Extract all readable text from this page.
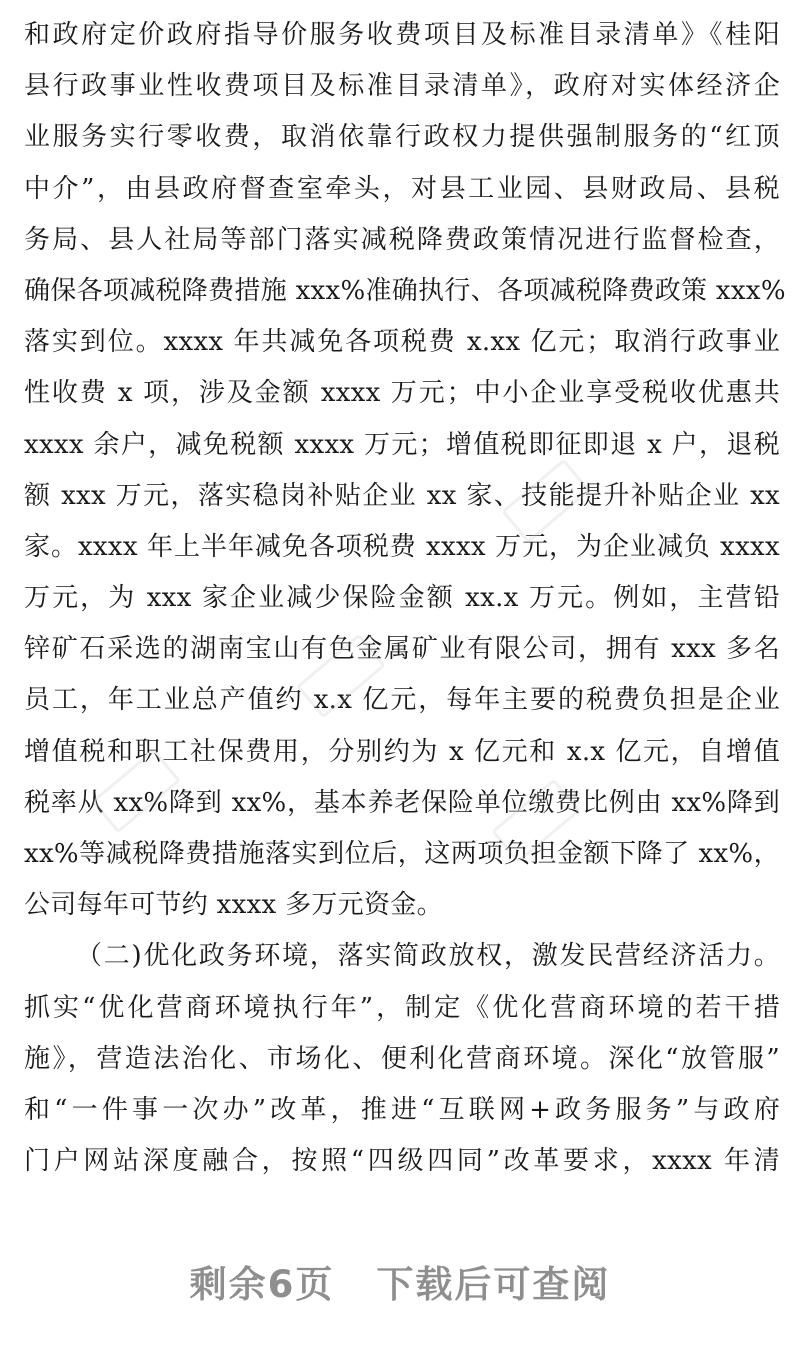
和政府定价政府指导价服务收费项目及标准目录清单》《桂阳
县行政事业性收费项目及标准目录清单》，政府对实体经济企
业服务实行零收费，取消依靠行政权力提供强制服务的“红顶
中介”，由县政府督查室牵头，对县工业园、县财政局、县税
务局、县人社局等部门落实减税降费政策情况进行监督检查，
确保各项减税降费措施 xxx%准确执行、各项减税降费政策 xxx%
落实到位。xxxx 年共减免各项税费 x.xx 亿元；取消行政事业
性收费 x 项，涉及金额 xxxx 万元；中小企业享受税收优惠共
xxxx 余户，减免税额 xxxx 万元；增值税即征即退 x 户，退税
额 xxx 万元，落实稳岗补贴企业 xx 家、技能提升补贴企业 xx
家。xxxx 年上半年减免各项税费 xxxx 万元，为企业减负 xxxx
万元，为 xxx 家企业减少保险金额 xx.x 万元。例如，主营铅
锌矿石采选的湖南宝山有色金属矿业有限公司，拥有 xxx 多名
员工，年工业总产值约 x.x 亿元，每年主要的税费负担是企业
增值税和职工社保费用，分别约为 x 亿元和 x.x 亿元，自增值
税率从 xx%降到 xx%，基本养老保险单位缴费比例由 xx%降到
xx%等减税降费措施落实到位后，这两项负担金额下降了 xx%，
公司每年可节约 xxxx 多万元资金。
（二)优化政务环境，落实简政放权，激发民营经济活力。
抓实“优化营商环境执行年”，制定《优化营商环境的若干措
施》，营造法治化、市场化、便利化营商环境。深化“放管服”
和“一件事一次办”改革，推进“互联网+政务服务”与政府
门户网站深度融合，按照“四级四同”改革要求，xxxx 年清
剩余6页 下载后可查阅
